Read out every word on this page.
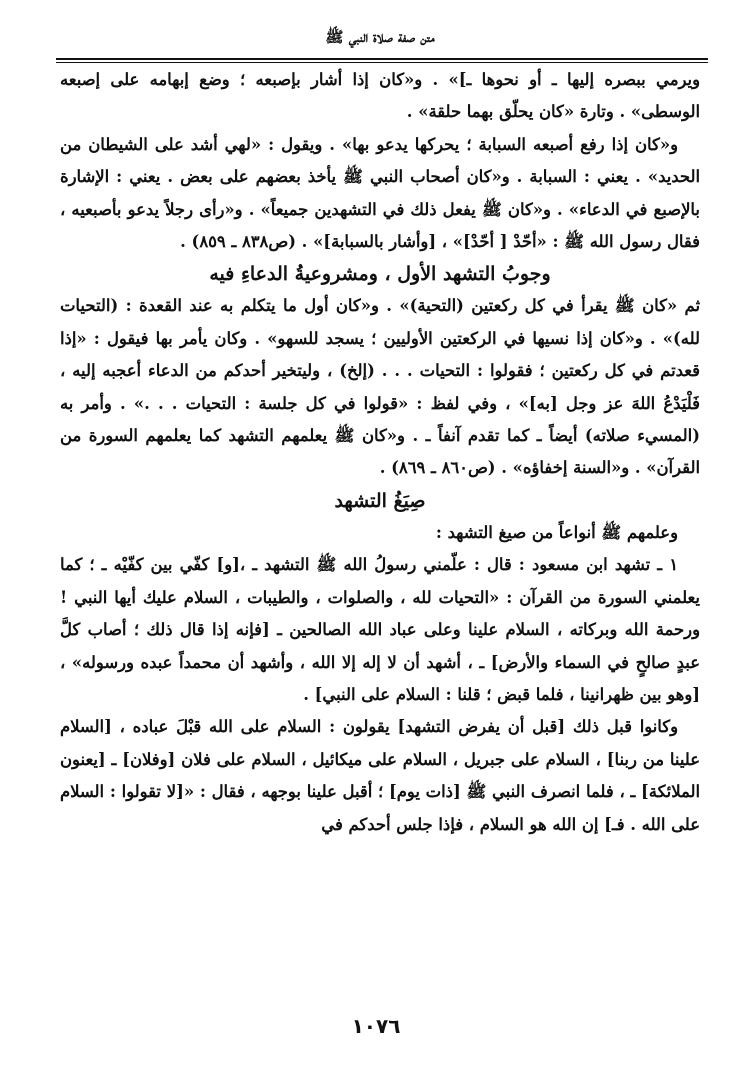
متن صفة صلاة النبي ﷺ

ويرمي ببصره إليها ـ أو نحوها ـ]» . و«كان إذا أشار بإصبعه ؛ وضع إبهامه على إصبعه الوسطى» . وتارة «كان يحلّق بهما حلقة» .

و«كان إذا رفع أصبعه السبابة ؛ يحركها يدعو بها» . ويقول : «لهي أشد على الشيطان من الحديد» . يعني : السبابة . و«كان أصحاب النبي ﷺ يأخذ بعضهم على بعض . يعني : الإشارة بالإصبع في الدعاء» . و«كان ﷺ يفعل ذلك في التشهدين جميعاً» . و«رأى رجلاً يدعو بأصبعيه ، فقال رسول الله ﷺ : «أحّدْ [ أحّدْ]» ، [وأشار بالسبابة]» . (ص٨٣٨ ـ ٨٥٩) .

وجوبُ التشهد الأول ، ومشروعيةُ الدعاءِ فيه

ثم «كان ﷺ يقرأ في كل ركعتين (التحية)» . و«كان أول ما يتكلم به عند القعدة : (التحيات لله)» . و«كان إذا نسيها في الركعتين الأوليين ؛ يسجد للسهو» . وكان يأمر بها فيقول : «إذا قعدتم في كل ركعتين ؛ فقولوا : التحيات . . . (إلخ) ، وليتخير أحدكم من الدعاء أعجبه إليه ، فَلْيَدْعُ اللهَ عز وجل [به]» ، وفي لفظ : «قولوا في كل جلسة : التحيات . . .» . وأمر به (المسيء صلاته) أيضاً ـ كما تقدم آنفاً ـ . و«كان ﷺ يعلمهم التشهد كما يعلمهم السورة من القرآن» . و«السنة إخفاؤه» . (ص٨٦٠ ـ ٨٦٩) .

صِيَغُ التشهد

وعلمهم ﷺ أنواعاً من صيغ التشهد :

١ ـ تشهد ابن مسعود : قال : علّمني رسولُ الله ﷺ التشهد ـ ،[و] كفّي بين كفّيْه ـ ؛ كما يعلمني السورة من القرآن : «التحيات لله ، والصلوات ، والطيبات ، السلام عليك أيها النبي ! ورحمة الله وبركاته ، السلام علينا وعلى عباد الله الصالحين ـ [فإنه إذا قال ذلك ؛ أصاب كلَّ عبدٍ صالحٍ في السماء والأرض] ـ ، أشهد أن لا إله إلا الله ، وأشهد أن محمداً عبده ورسوله» ، [وهو بين ظهرانينا ، فلما قبض ؛ قلنا : السلام على النبي] .

وكانوا قبل ذلك [قبل أن يفرض التشهد] يقولون : السلام على الله قبْلَ عباده ، [السلام علينا من ربنا] ، السلام على جبريل ، السلام على ميكائيل ، السلام على فلان [وفلان] ـ [يعنون الملائكة] ـ ، فلما انصرف النبي ﷺ [ذات يوم] ؛ أقبل علينا بوجهه ، فقال : «[لا تقولوا : السلام على الله . فـ] إن الله هو السلام ، فإذا جلس أحدكم في

١٠٧٦
